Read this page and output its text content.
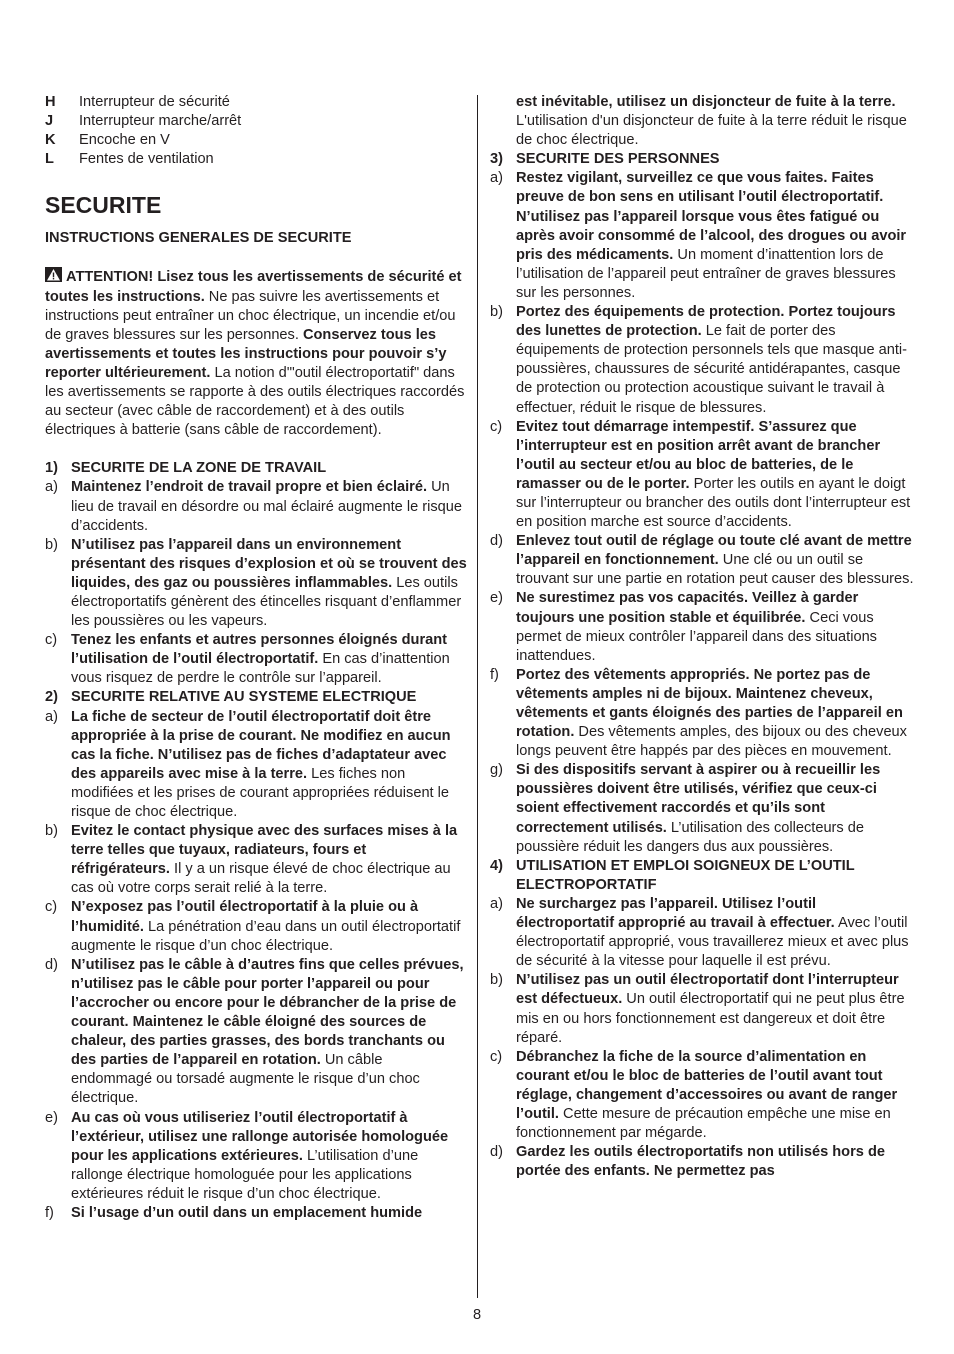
H	Interrupteur de sécurité
J	Interrupteur marche/arrêt
K	Encoche en V
L	Fentes de ventilation
SECURITE

INSTRUCTIONS GENERALES DE SECURITE

ATTENTION! Lisez tous les avertissements de sécurité et toutes les instructions. Ne pas suivre les avertissements et instructions peut entraîner un choc électrique, un incendie et/ou de graves blessures sur les personnes. Conservez tous les avertissements et toutes les instructions pour pouvoir s’y reporter ultérieurement. La notion d'"outil électroportatif" dans les avertissements se rapporte à des outils électriques raccordés au secteur (avec câble de raccordement) et à des outils électriques à batterie (sans câble de raccordement).

1) SECURITE DE LA ZONE DE TRAVAIL
a) Maintenez l’endroit de travail propre et bien éclairé. Un lieu de travail en désordre ou mal éclairé augmente le risque d’accidents.
b) N’utilisez pas l’appareil dans un environnement présentant des risques d’explosion et où se trouvent des liquides, des gaz ou poussières inflammables. Les outils électroportatifs génèrent des étincelles risquant d’enflammer les poussières ou les vapeurs.
c) Tenez les enfants et autres personnes éloignés durant l’utilisation de l’outil électroportatif. En cas d’inattention vous risquez de perdre le contrôle sur l’appareil.
2) SECURITE RELATIVE AU SYSTEME ELECTRIQUE
a) La fiche de secteur de l’outil électroportatif doit être appropriée à la prise de courant. Ne modifiez en aucun cas la fiche. N’utilisez pas de fiches d’adaptateur avec des appareils avec mise à la terre. Les fiches non modifiées et les prises de courant appropriées réduisent le risque de choc électrique.
b) Evitez le contact physique avec des surfaces mises à la terre telles que tuyaux, radiateurs, fours et réfrigérateurs. Il y a un risque élevé de choc électrique au cas où votre corps serait relié à la terre.
c) N’exposez pas l’outil électroportatif à la pluie ou à l’humidité. La pénétration d’eau dans un outil électroportatif augmente le risque d’un choc électrique.
d) N’utilisez pas le câble à d’autres fins que celles prévues, n’utilisez pas le câble pour porter l’appareil ou pour l’accrocher ou encore pour le débrancher de la prise de courant. Maintenez le câble éloigné des sources de chaleur, des parties grasses, des bords tranchants ou des parties de l’appareil en rotation. Un câble endommagé ou torsadé augmente le risque d’un choc électrique.
e) Au cas où vous utiliseriez l’outil électroportatif à l’extérieur, utilisez une rallonge autorisée homologuée pour les applications extérieures. L’utilisation d’une rallonge électrique homologuée pour les applications extérieures réduit le risque d’un choc électrique.
f)	Si l’usage d’un outil dans un emplacement humide
est inévitable, utilisez un disjoncteur de fuite à la terre. L'utilisation d'un disjoncteur de fuite à la terre réduit le risque de choc électrique.
3) SECURITE DES PERSONNES
a) Restez vigilant, surveillez ce que vous faites. Faites preuve de bon sens en utilisant l’outil électroportatif. N’utilisez pas l’appareil lorsque vous êtes fatigué ou après avoir consommé de l’alcool, des drogues ou avoir pris des médicaments. Un moment d’inattention lors de l’utilisation de l’appareil peut entraîner de graves blessures sur les personnes.
b) Portez des équipements de protection. Portez toujours des lunettes de protection. Le fait de porter des équipements de protection personnels tels que masque anti-poussières, chaussures de sécurité antidérapantes, casque de protection ou protection acoustique suivant le travail à effectuer, réduit le risque de blessures.
c) Evitez tout démarrage intempestif. S’assurez que l’interrupteur est en position arrêt avant de brancher l’outil au secteur et/ou au bloc de batteries, de le ramasser ou de le porter. Porter les outils en ayant le doigt sur l’interrupteur ou brancher des outils dont l’interrupteur est en position marche est source d’accidents.
d) Enlevez tout outil de réglage ou toute clé avant de mettre l’appareil en fonctionnement. Une clé ou un outil se trouvant sur une partie en rotation peut causer des blessures.
e) Ne surestimez pas vos capacités. Veillez à garder toujours une position stable et équilibrée. Ceci vous permet de mieux contrôler l’appareil dans des situations inattendues.
f)	Portez des vêtements appropriés. Ne portez pas de vêtements amples ni de bijoux. Maintenez cheveux, vêtements et gants éloignés des parties de l’appareil en rotation. Des vêtements amples, des bijoux ou des cheveux longs peuvent être happés par des pièces en mouvement.
g) Si des dispositifs servant à aspirer ou à recueillir les poussières doivent être utilisés, vérifiez que ceux-ci soient effectivement raccordés et qu’ils sont correctement utilisés. L’utilisation des collecteurs de poussière réduit les dangers dus aux poussières.
4) UTILISATION ET EMPLOI SOIGNEUX DE L’OUTIL ELECTROPORTATIF
a) Ne surchargez pas l’appareil. Utilisez l’outil électroportatif approprié au travail à effectuer. Avec l’outil électroportatif approprié, vous travaillerez mieux et avec plus de sécurité à la vitesse pour laquelle il est prévu.
b) N’utilisez pas un outil électroportatif dont l’interrupteur est défectueux. Un outil électroportatif qui ne peut plus être mis en ou hors fonctionnement est dangereux et doit être réparé.
c) Débranchez la fiche de la source d’alimentation en courant et/ou le bloc de batteries de l’outil avant tout réglage, changement d’accessoires ou avant de ranger l’outil. Cette mesure de précaution empêche une mise en fonctionnement par mégarde.
d) Gardez les outils électroportatifs non utilisés hors de portée des enfants. Ne permettez pas
8
